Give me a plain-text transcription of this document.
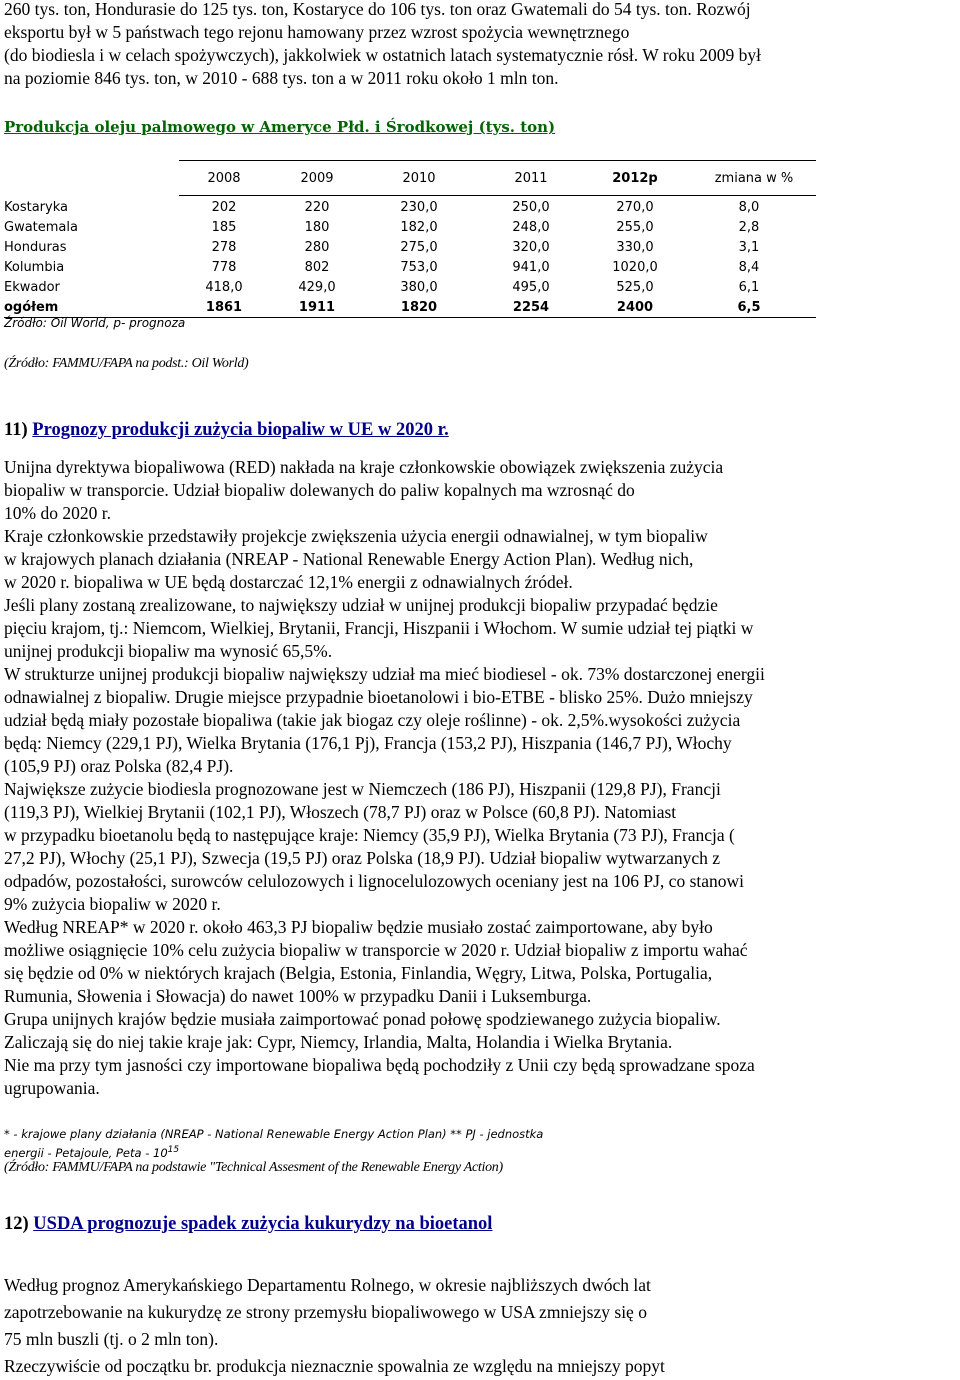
260 tys. ton, Hondurasie do 125 tys. ton, Kostaryce do 106 tys. ton oraz Gwatemali do 54 tys. ton. Rozwój

eksportu był w 5 państwach tego rejonu hamowany przez wzrost spożycia wewnętrznego

(do biodiesla i w celach spożywczych), jakkolwiek w ostatnich latach systematycznie rósł. W roku 2009 był

na poziomie 846 tys. ton, w 2010 - 688 tys. ton a w 2011 roku około 1 mln ton.

Produkcja oleju palmowego w Ameryce Płd. i Środkowej (tys. ton)
2008	2009	2010	2011	2012p	zmiana w %
Kostaryka	202	220	230,0	250,0	270,0	8,0
Gwatemala	185	180	182,0	248,0	255,0	2,8
Honduras	278	280	275,0	320,0	330,0	3,1
Kolumbia	778	802	753,0	941,0	1020,0	8,4
Ekwador	418,0	429,0	380,0	495,0	525,0	6,1
ogółem	1861	1911	1820	2254	2400	6,5
Źródło: Oil World, p- prognoza
(Źródło: FAMMU/FAPA na podst.: Oil World)
11) Prognozy produkcji zużycia biopaliw w UE w 2020 r.

Unijna dyrektywa biopaliwowa (RED) nakłada na kraje członkowskie obowiązek zwiększenia zużycia

biopaliw w transporcie. Udział biopaliw dolewanych do paliw kopalnych ma wzrosnąć do

10% do 2020 r.

Kraje członkowskie przedstawiły projekcje zwiększenia użycia energii odnawialnej, w tym biopaliw

w krajowych planach działania (NREAP - National Renewable Energy Action Plan). Według nich,

w 2020 r. biopaliwa w UE będą dostarczać 12,1% energii z odnawialnych źródeł.

Jeśli plany zostaną zrealizowane, to największy udział w unijnej produkcji biopaliw przypadać będzie

pięciu krajom, tj.: Niemcom, Wielkiej, Brytanii, Francji, Hiszpanii i Włochom. W sumie udział tej piątki w

unijnej produkcji biopaliw ma wynosić 65,5%.

W strukturze unijnej produkcji biopaliw największy udział ma mieć biodiesel - ok. 73% dostarczonej energii

odnawialnej z biopaliw. Drugie miejsce przypadnie bioetanolowi i bio-ETBE - blisko 25%. Dużo mniejszy

udział będą miały pozostałe biopaliwa (takie jak biogaz czy oleje roślinne) - ok. 2,5%.wysokości zużycia

będą: Niemcy (229,1 PJ), Wielka Brytania (176,1 Pj), Francja (153,2 PJ), Hiszpania (146,7 PJ), Włochy

(105,9 PJ) oraz Polska (82,4 PJ).

Największe zużycie biodiesla prognozowane jest w Niemczech (186 PJ), Hiszpanii (129,8 PJ), Francji

(119,3 PJ), Wielkiej Brytanii (102,1 PJ), Włoszech (78,7 PJ) oraz w Polsce (60,8 PJ). Natomiast

w przypadku bioetanolu będą to następujące kraje: Niemcy (35,9 PJ), Wielka Brytania (73 PJ), Francja (

27,2 PJ), Włochy (25,1 PJ), Szwecja (19,5 PJ) oraz Polska (18,9 PJ). Udział biopaliw wytwarzanych z

odpadów, pozostałości, surowców celulozowych i lignocelulozowych oceniany jest na 106 PJ, co stanowi

9% zużycia biopaliw w 2020 r.

Według NREAP* w 2020 r. około 463,3 PJ biopaliw będzie musiało zostać zaimportowane, aby było

możliwe osiągnięcie 10% celu zużycia biopaliw w transporcie w 2020 r. Udział biopaliw z importu wahać

się będzie od 0% w niektórych krajach (Belgia, Estonia, Finlandia, Węgry, Litwa, Polska, Portugalia,

Rumunia, Słowenia i Słowacja) do nawet 100% w przypadku Danii i Luksemburga.

Grupa unijnych krajów będzie musiała zaimportować ponad połowę spodziewanego zużycia biopaliw.

Zaliczają się do niej takie kraje jak: Cypr, Niemcy, Irlandia, Malta, Holandia i Wielka Brytania.

Nie ma przy tym jasności czy importowane biopaliwa będą pochodziły z Unii czy będą sprowadzane spoza

ugrupowania.

* - krajowe plany działania (NREAP - National Renewable Energy Action Plan) ** PJ - jednostka
energii - Petajoule, Peta - $10^{15}$
(Źródło: FAMMU/FAPA na podstawie "Technical Assesment of the Renewable Energy Action)
12) USDA prognozuje spadek zużycia kukurydzy na bioetanol

Według prognoz Amerykańskiego Departamentu Rolnego, w okresie najbliższych dwóch lat

zapotrzebowanie na kukurydzę ze strony przemysłu biopaliwowego w USA zmniejszy się o

75 mln buszli (tj. o 2 mln ton).

Rzeczywiście od początku br. produkcja nieznacznie spowalnia ze względu na mniejszy popyt
